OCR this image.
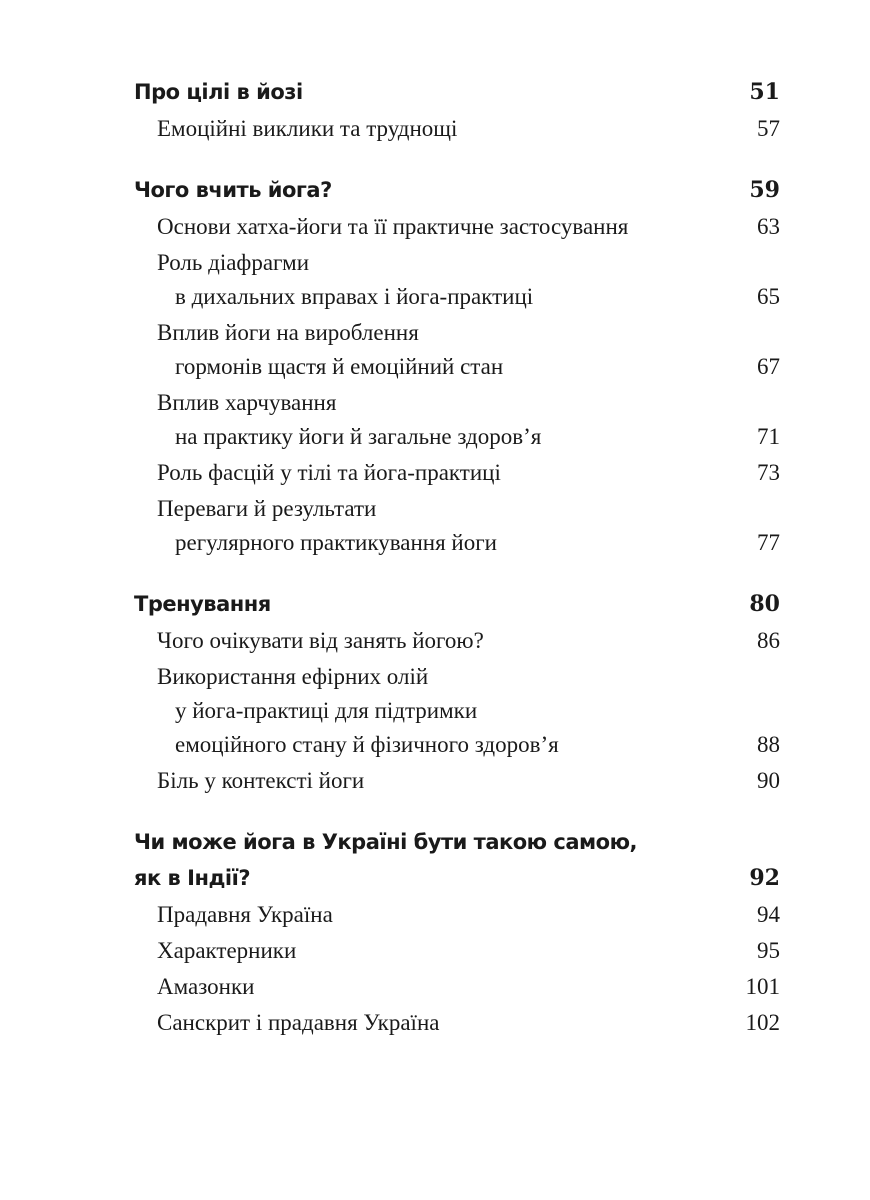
Про цілі в йозі	51
Емоційні виклики та труднощі	57
Чого вчить йога?	59
Основи хатха-йоги та її практичне застосування	63
Роль діафрагми
в дихальних вправах і йога-практиці	65
Вплив йоги на вироблення
гормонів щастя й емоційний стан	67
Вплив харчування
на практику йоги й загальне здоров’я	71
Роль фасцій у тілі та йога-практиці	73
Переваги й результати
регулярного практикування йоги	77
Тренування	80
Чого очікувати від занять йогою?	86
Використання ефірних олій
у йога-практиці для підтримки
емоційного стану й фізичного здоров’я	88
Біль у контексті йоги	90
Чи може йога в Україні бути такою самою,
як в Індії?	92
Прадавня Україна	94
Характерники	95
Амазонки	101
Санскрит і прадавня Україна	102
